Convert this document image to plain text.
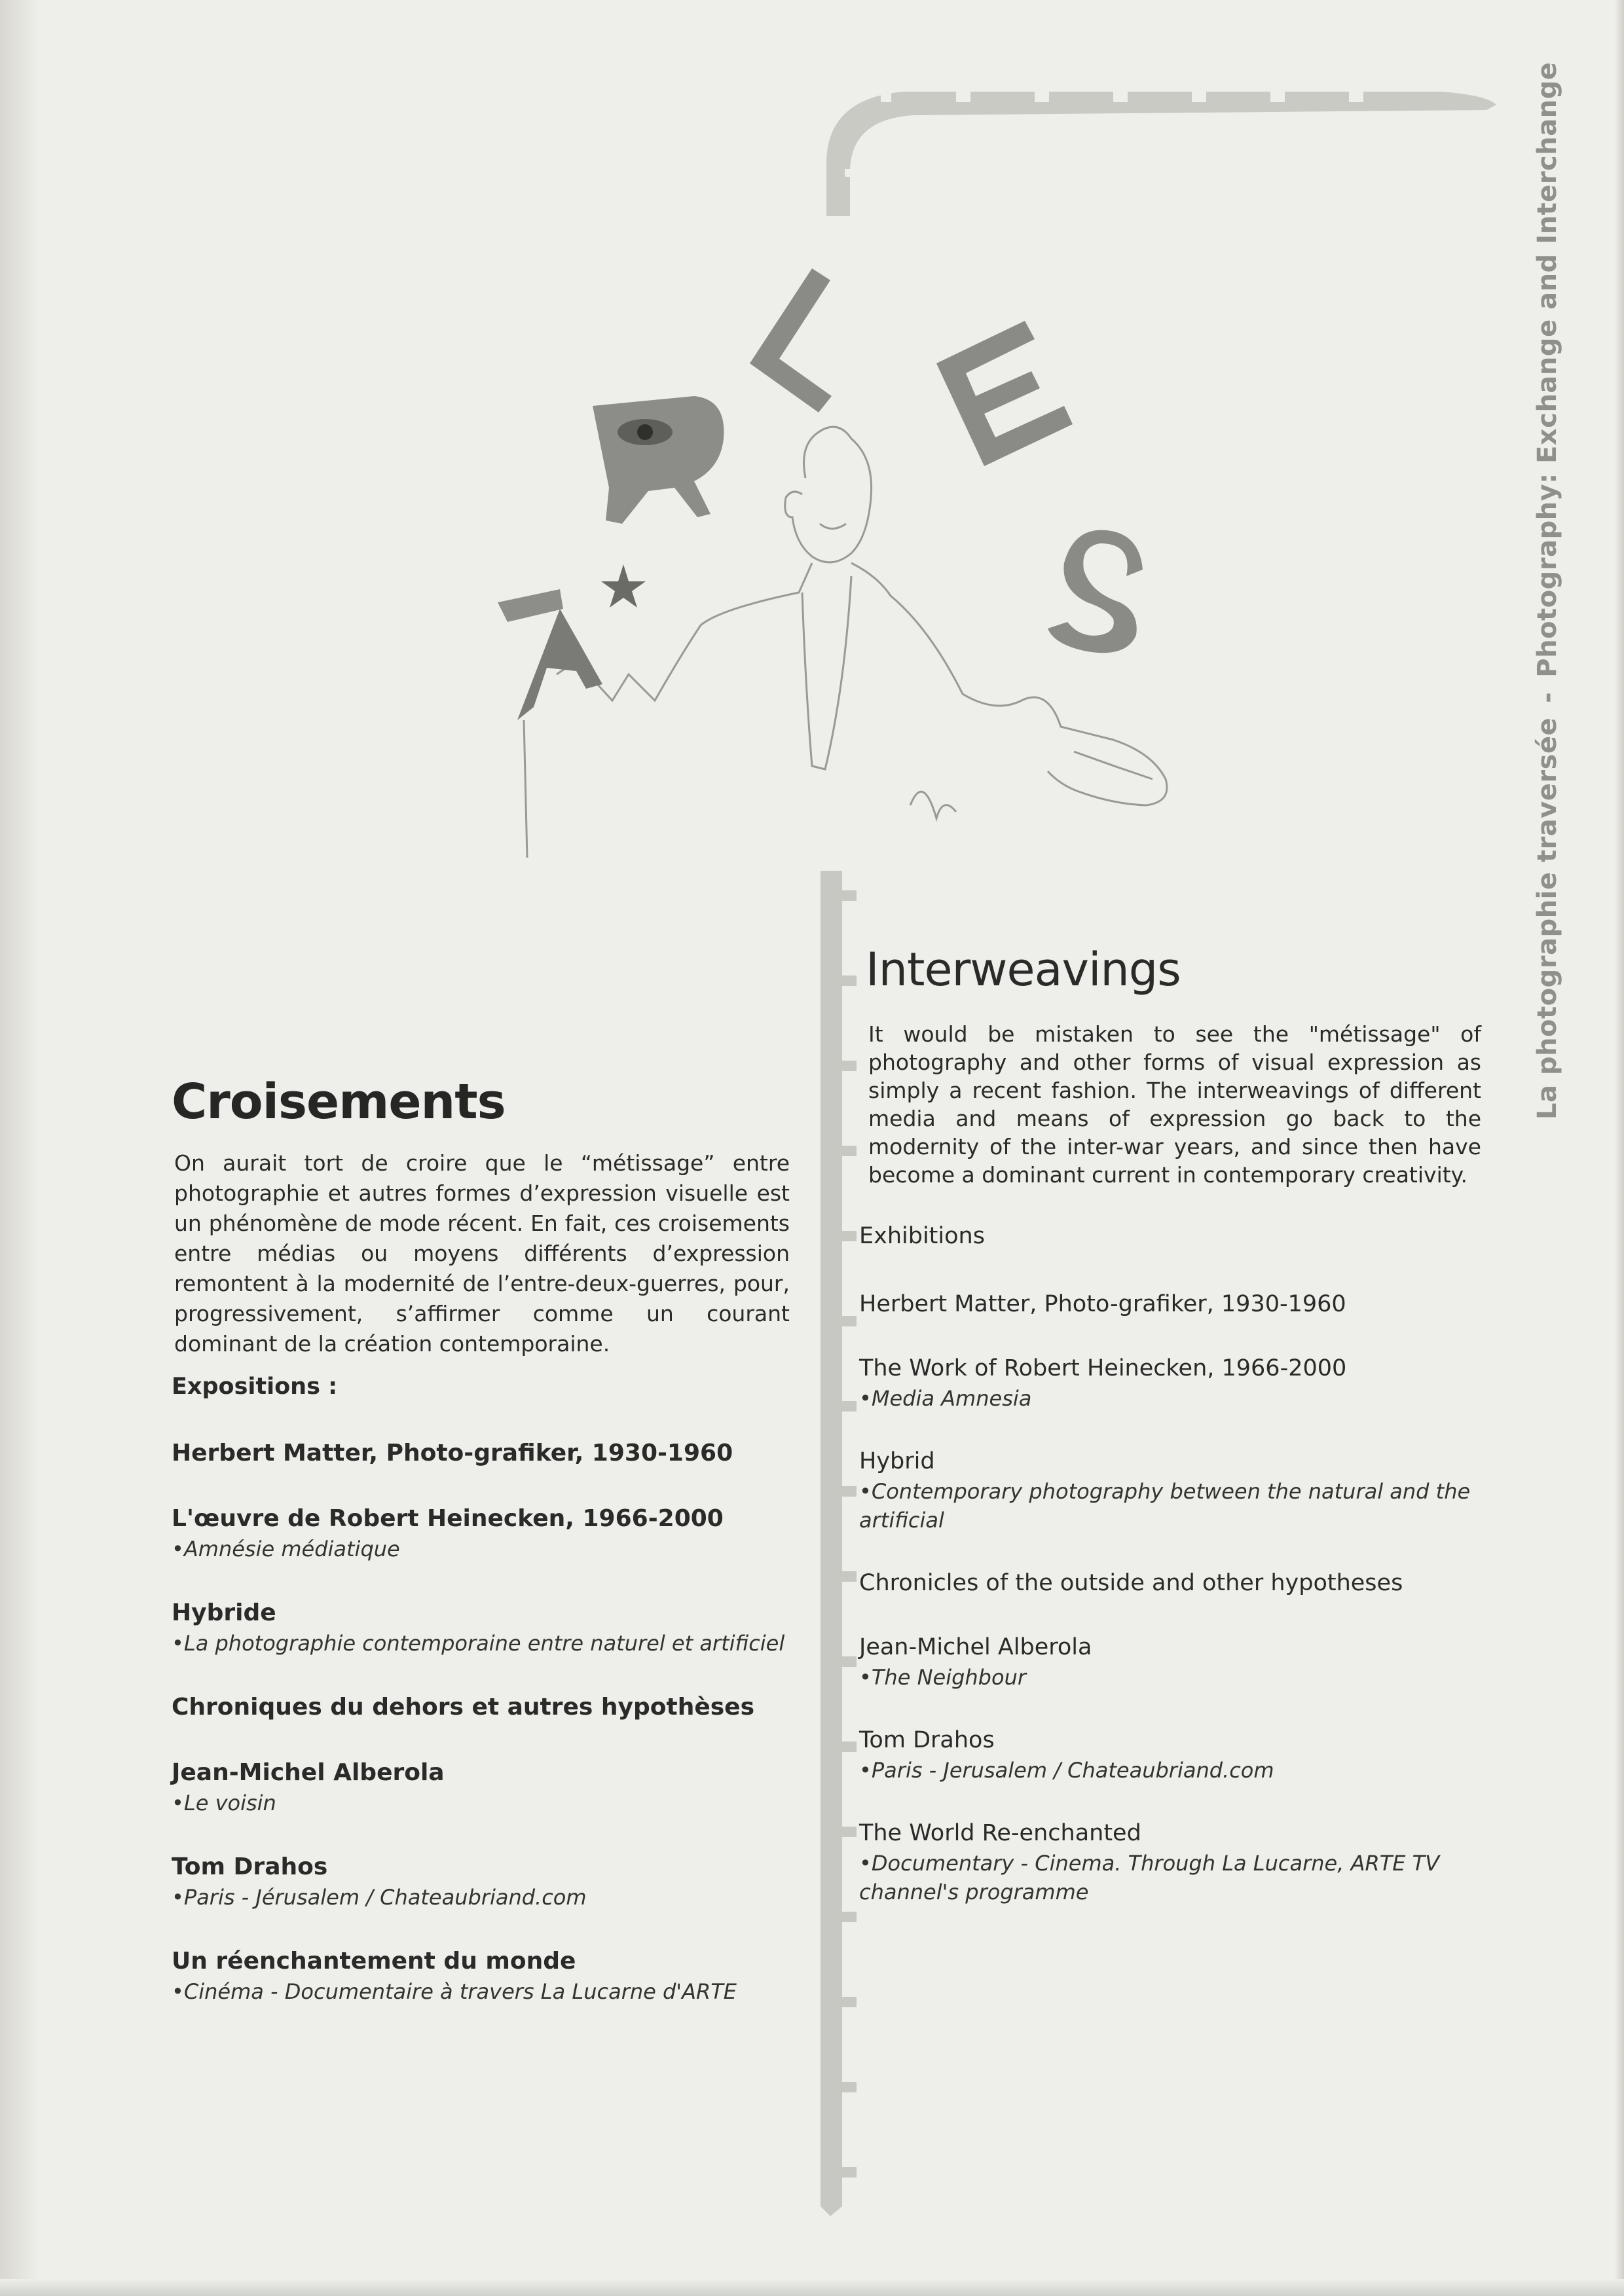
La photographie traversée-Photography: Exchange and Interchange
Croisements

On aurait tort de croire que le “métissage” entre photographie et autres formes d’expression visuelle est un phénomène de mode récent. En fait, ces croisements entre médias ou moyens différents d’expression remontent à la modernité de l’entre-deux-guerres, pour, progressivement, s’affirmer comme un courant dominant de la création contemporaine.

Expositions :
Herbert Matter, Photo-grafiker, 1930-1960
L'œuvre de Robert Heinecken, 1966-2000
•Amnésie médiatique
Hybride
•La photographie contemporaine entre naturel et artificiel
Chroniques du dehors et autres hypothèses
Jean-Michel Alberola
•Le voisin
Tom Drahos
•Paris - Jérusalem / Chateaubriand.com
Un réenchantement du monde
•Cinéma - Documentaire à travers La Lucarne d'ARTE
Interweavings

It would be mistaken to see the "métissage" of photography and other forms of visual expression as simply a recent fashion. The interweavings of different media and means of expression go back to the modernity of the inter-war years, and since then have become a dominant current in contemporary creativity.

Exhibitions
Herbert Matter, Photo-grafiker, 1930-1960
The Work of Robert Heinecken, 1966-2000
•Media Amnesia
Hybrid
•Contemporary photography between the natural and the artificial
Chronicles of the outside and other hypotheses
Jean-Michel Alberola
•The Neighbour
Tom Drahos
•Paris - Jerusalem / Chateaubriand.com
The World Re-enchanted
•Documentary - Cinema. Through La Lucarne, ARTE TV channel's programme
